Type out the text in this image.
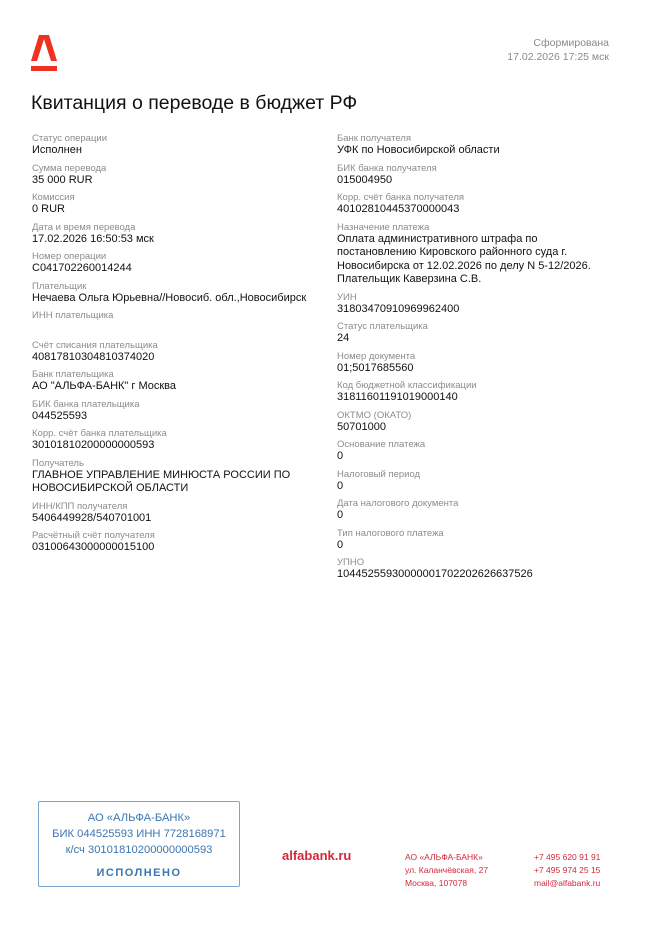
Сформирована
17.02.2026 17:25 мск
Квитанция о переводе в бюджет РФ
Статус операции
Исполнен
Сумма перевода
35 000 RUR
Комиссия
0 RUR
Дата и время перевода
17.02.2026 16:50:53 мск
Номер операции
C041702260014244
Плательщик
Нечаева Ольга Юрьевна//Новосиб. обл.,Новосибирск
ИНН плательщика
Счёт списания плательщика
40817810304810374020
Банк плательщика
АО "АЛЬФА-БАНК" г Москва
БИК банка плательщика
044525593
Корр. счёт банка плательщика
30101810200000000593
Получатель
ГЛАВНОЕ УПРАВЛЕНИЕ МИНЮСТА РОССИИ ПО
НОВОСИБИРСКОЙ ОБЛАСТИ
ИНН/КПП получателя
5406449928/540701001
Расчётный счёт получателя
03100643000000015100
Банк получателя
УФК по Новосибирской области
БИК банка получателя
015004950
Корр. счёт банка получателя
40102810445370000043
Назначение платежа
Оплата административного штрафа по
постановлению Кировского районного суда г.
Новосибирска от 12.02.2026 по делу N 5-12/2026.
Плательщик Каверзина С.В.
УИН
3180347091096996240​0
Статус плательщика
24
Номер документа
01;5017685560
Код бюджетной классификации
31811601191019000140
ОКТМО (ОКАТО)
50701000
Основание платежа
0
Налоговый период
0
Дата налогового документа
0
Тип налогового платежа
0
УПНО
1044525593000000170220262663752​6
АО «АЛЬФА-БАНК»
БИК 044525593 ИНН 7728168971
к/сч 30101810200000000593
ИСПОЛНЕНО
alfabank.ru	АО «АЛЬФА-БАНК»
ул. Каланчёвская, 27
Москва, 107078
+7 495 620 91 91
+7 495 974 25 15
mail@alfabank.ru
